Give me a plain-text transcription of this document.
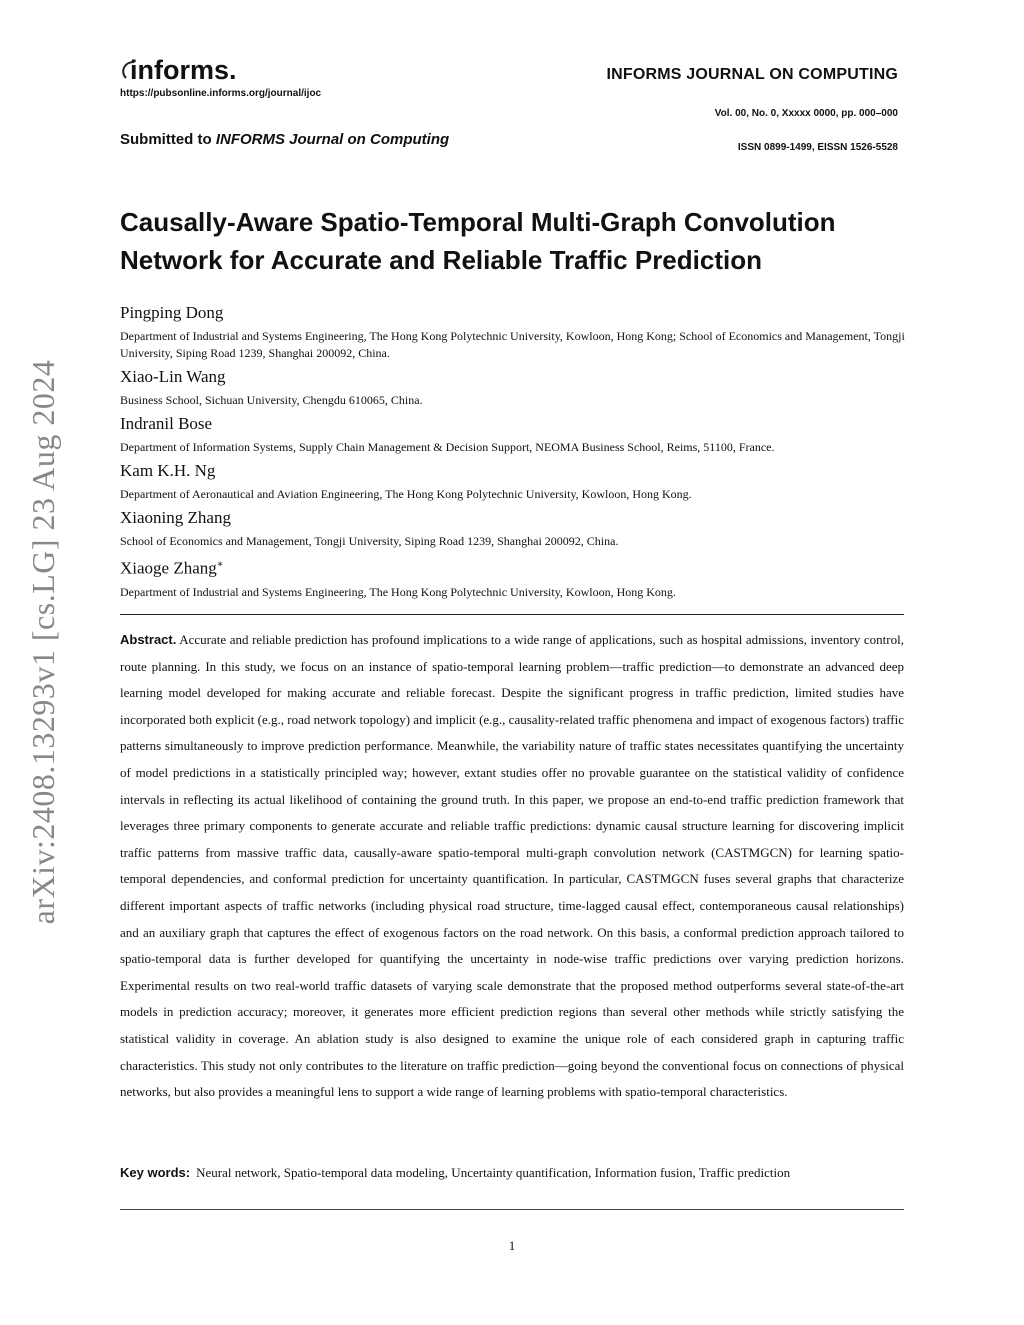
informs.
https://pubsonline.informs.org/journal/ijoc
INFORMS JOURNAL ON COMPUTING
Vol. 00, No. 0, Xxxxx 0000, pp. 000–000
ISSN 0899-1499, EISSN 1526-5528
Submitted to INFORMS Journal on Computing
arXiv:2408.13293v1 [cs.LG] 23 Aug 2024
Causally-Aware Spatio-Temporal Multi-Graph Convolution
Network for Accurate and Reliable Traffic Prediction
Pingping Dong
Department of Industrial and Systems Engineering, The Hong Kong Polytechnic University, Kowloon, Hong Kong; School of Economics and Management, Tongji University, Siping Road 1239, Shanghai 200092, China.
Xiao-Lin Wang
Business School, Sichuan University, Chengdu 610065, China.
Indranil Bose
Department of Information Systems, Supply Chain Management & Decision Support, NEOMA Business School, Reims, 51100, France.
Kam K.H. Ng
Department of Aeronautical and Aviation Engineering, The Hong Kong Polytechnic University, Kowloon, Hong Kong.
Xiaoning Zhang
School of Economics and Management, Tongji University, Siping Road 1239, Shanghai 200092, China.
Xiaoge Zhang∗
Department of Industrial and Systems Engineering, The Hong Kong Polytechnic University, Kowloon, Hong Kong.
Abstract. Accurate and reliable prediction has profound implications to a wide range of applications, such as hospital admissions, inventory control, route planning. In this study, we focus on an instance of spatio-temporal learning problem—traffic prediction—to demonstrate an advanced deep learning model developed for making accurate and reliable forecast. Despite the significant progress in traffic prediction, limited studies have incorporated both explicit (e.g., road network topology) and implicit (e.g., causality-related traffic phenomena and impact of exogenous factors) traffic patterns simultaneously to improve prediction performance. Meanwhile, the variability nature of traffic states necessitates quantifying the uncertainty of model predictions in a statistically principled way; however, extant studies offer no provable guarantee on the statistical validity of confidence intervals in reflecting its actual likelihood of containing the ground truth. In this paper, we propose an end-to-end traffic prediction framework that leverages three primary components to generate accurate and reliable traffic predictions: dynamic causal structure learning for discovering implicit traffic patterns from massive traffic data, causally-aware spatio-temporal multi-graph convolution network (CASTMGCN) for learning spatio-temporal dependencies, and conformal prediction for uncertainty quantification. In particular, CASTMGCN fuses several graphs that characterize different important aspects of traffic networks (including physical road structure, time-lagged causal effect, contemporaneous causal relationships) and an auxiliary graph that captures the effect of exogenous factors on the road network. On this basis, a conformal prediction approach tailored to spatio-temporal data is further developed for quantifying the uncertainty in node-wise traffic predictions over varying prediction horizons. Experimental results on two real-world traffic datasets of varying scale demonstrate that the proposed method outperforms several state-of-the-art models in prediction accuracy; moreover, it generates more efficient prediction regions than several other methods while strictly satisfying the statistical validity in coverage. An ablation study is also designed to examine the unique role of each considered graph in capturing traffic characteristics. This study not only contributes to the literature on traffic prediction—going beyond the conventional focus on connections of physical networks, but also provides a meaningful lens to support a wide range of learning problems with spatio-temporal characteristics.
Key words: Neural network, Spatio-temporal data modeling, Uncertainty quantification, Information fusion, Traffic prediction
1
